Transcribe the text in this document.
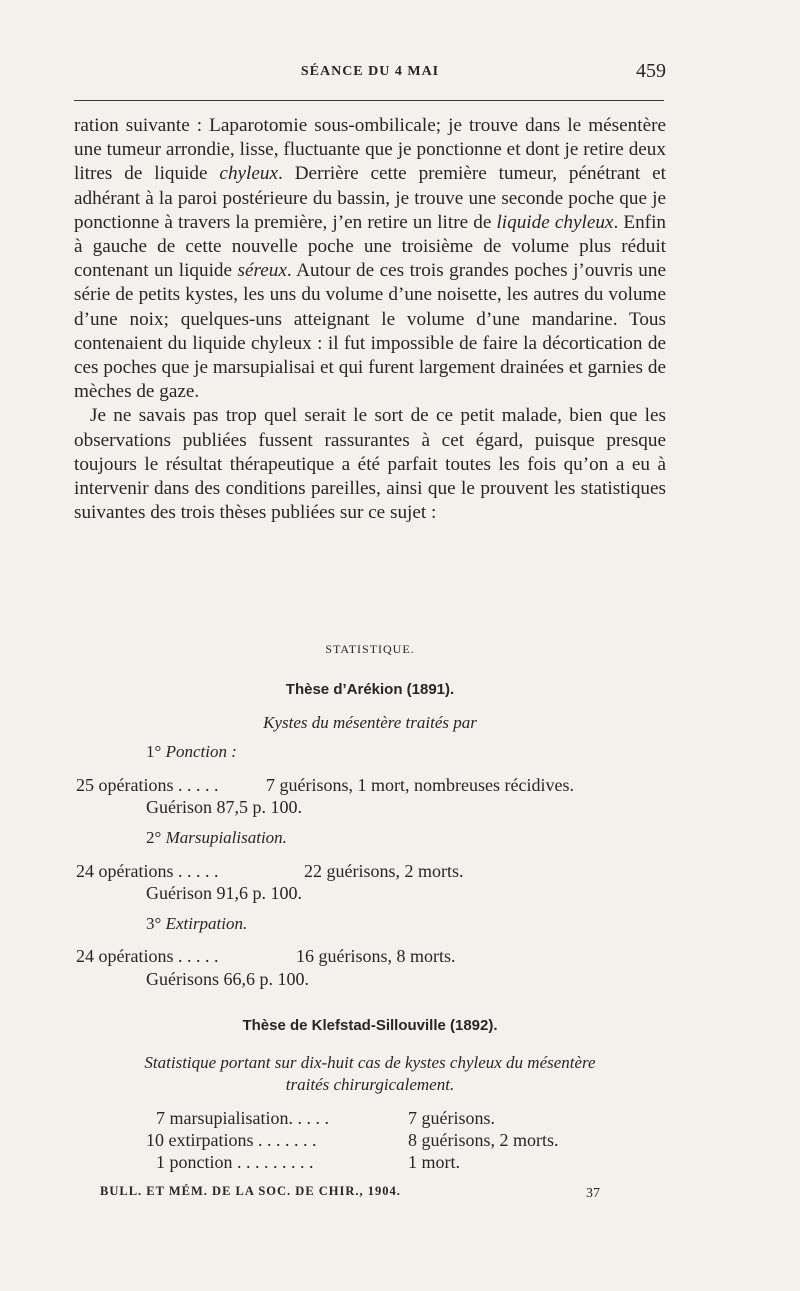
SÉANCE DU 4 MAI	459

ration suivante : Laparotomie sous-ombilicale; je trouve dans le mésentère une tumeur arrondie, lisse, fluctuante que je ponctionne et dont je retire deux litres de liquide chyleux. Derrière cette première tumeur, pénétrant et adhérant à la paroi postérieure du bassin, je trouve une seconde poche que je ponctionne à travers la première, j’en retire un litre de liquide chyleux. Enfin à gauche de cette nouvelle poche une troisième de volume plus réduit contenant un liquide séreux. Autour de ces trois grandes poches j’ouvris une série de petits kystes, les uns du volume d’une noisette, les autres du volume d’une noix; quelques-uns atteignant le volume d’une mandarine. Tous contenaient du liquide chyleux : il fut impossible de faire la décortication de ces poches que je marsupialisai et qui furent largement drainées et garnies de mèches de gaze.

Je ne savais pas trop quel serait le sort de ce petit malade, bien que les observations publiées fussent rassurantes à cet égard, puisque presque toujours le résultat thérapeutique a été parfait toutes les fois qu’on a eu à intervenir dans des conditions pareilles, ainsi que le prouvent les statistiques suivantes des trois thèses publiées sur ce sujet :

STATISTIQUE.
Thèse d’Arékion (1891).
Kystes du mésentère traités par
1° Ponction :
25 opérations . . . . .	7 guérisons, 1 mort, nombreuses récidives.
Guérison 87,5 p. 100.
2° Marsupialisation.
24 opérations . . . . .	22 guérisons, 2 morts.
Guérison 91,6 p. 100.
3° Extirpation.
24 opérations . . . . .	16 guérisons, 8 morts.
Guérisons 66,6 p. 100.
Thèse de Klefstad-Sillouville (1892).
Statistique portant sur dix-huit cas de kystes chyleux du mésentère
traités chirurgicalement.
7 marsupialisation. . . . .	7 guérisons.
10 extirpations . . . . . . .	8 guérisons, 2 morts.
1 ponction . . . . . . . . .	1 mort.
BULL. ET MÉM. DE LA SOC. DE CHIR., 1904.	37
